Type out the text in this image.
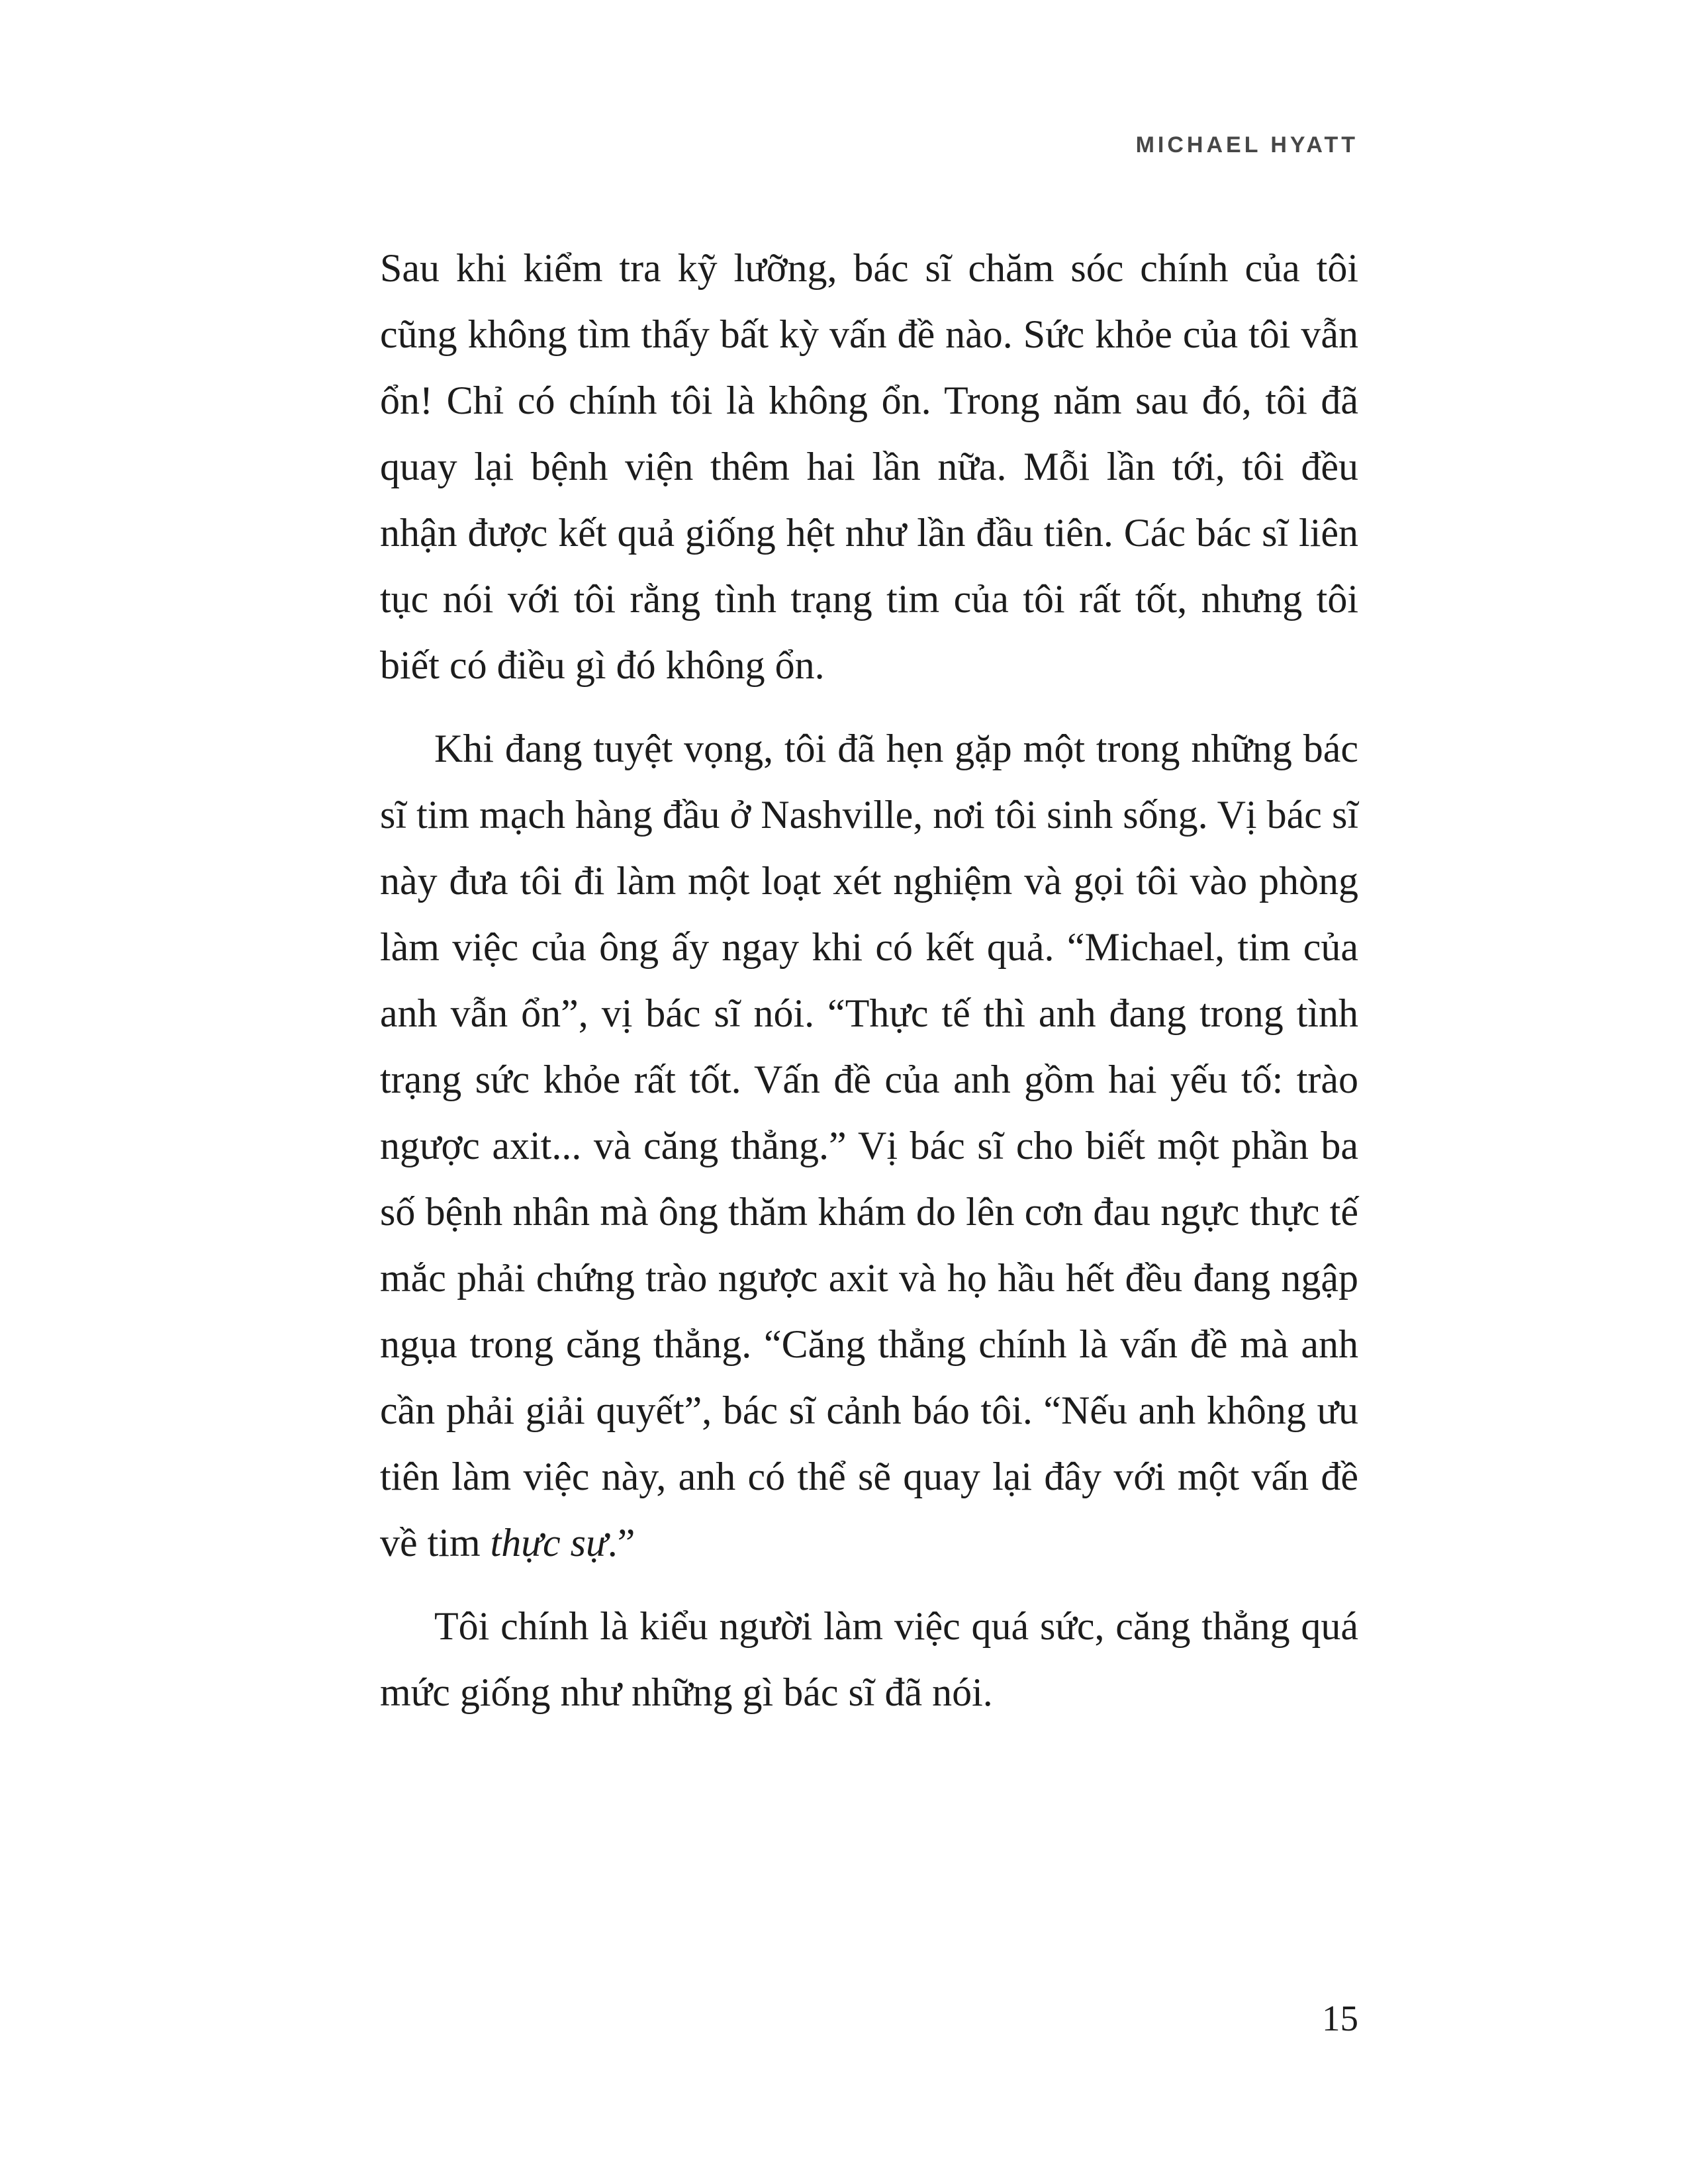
MICHAEL HYATT

Sau khi kiểm tra kỹ lưỡng, bác sĩ chăm sóc chính của tôi cũng không tìm thấy bất kỳ vấn đề nào. Sức khỏe của tôi vẫn ổn! Chỉ có chính tôi là không ổn. Trong năm sau đó, tôi đã quay lại bệnh viện thêm hai lần nữa. Mỗi lần tới, tôi đều nhận được kết quả giống hệt như lần đầu tiên. Các bác sĩ liên tục nói với tôi rằng tình trạng tim của tôi rất tốt, nhưng tôi biết có điều gì đó không ổn.

Khi đang tuyệt vọng, tôi đã hẹn gặp một trong những bác sĩ tim mạch hàng đầu ở Nashville, nơi tôi sinh sống. Vị bác sĩ này đưa tôi đi làm một loạt xét nghiệm và gọi tôi vào phòng làm việc của ông ấy ngay khi có kết quả. “Michael, tim của anh vẫn ổn”, vị bác sĩ nói. “Thực tế thì anh đang trong tình trạng sức khỏe rất tốt. Vấn đề của anh gồm hai yếu tố: trào ngược axit... và căng thẳng.” Vị bác sĩ cho biết một phần ba số bệnh nhân mà ông thăm khám do lên cơn đau ngực thực tế mắc phải chứng trào ngược axit và họ hầu hết đều đang ngập ngụa trong căng thẳng. “Căng thẳng chính là vấn đề mà anh cần phải giải quyết”, bác sĩ cảnh báo tôi. “Nếu anh không ưu tiên làm việc này, anh có thể sẽ quay lại đây với một vấn đề về tim thực sự.”

Tôi chính là kiểu người làm việc quá sức, căng thẳng quá mức giống như những gì bác sĩ đã nói.

15
